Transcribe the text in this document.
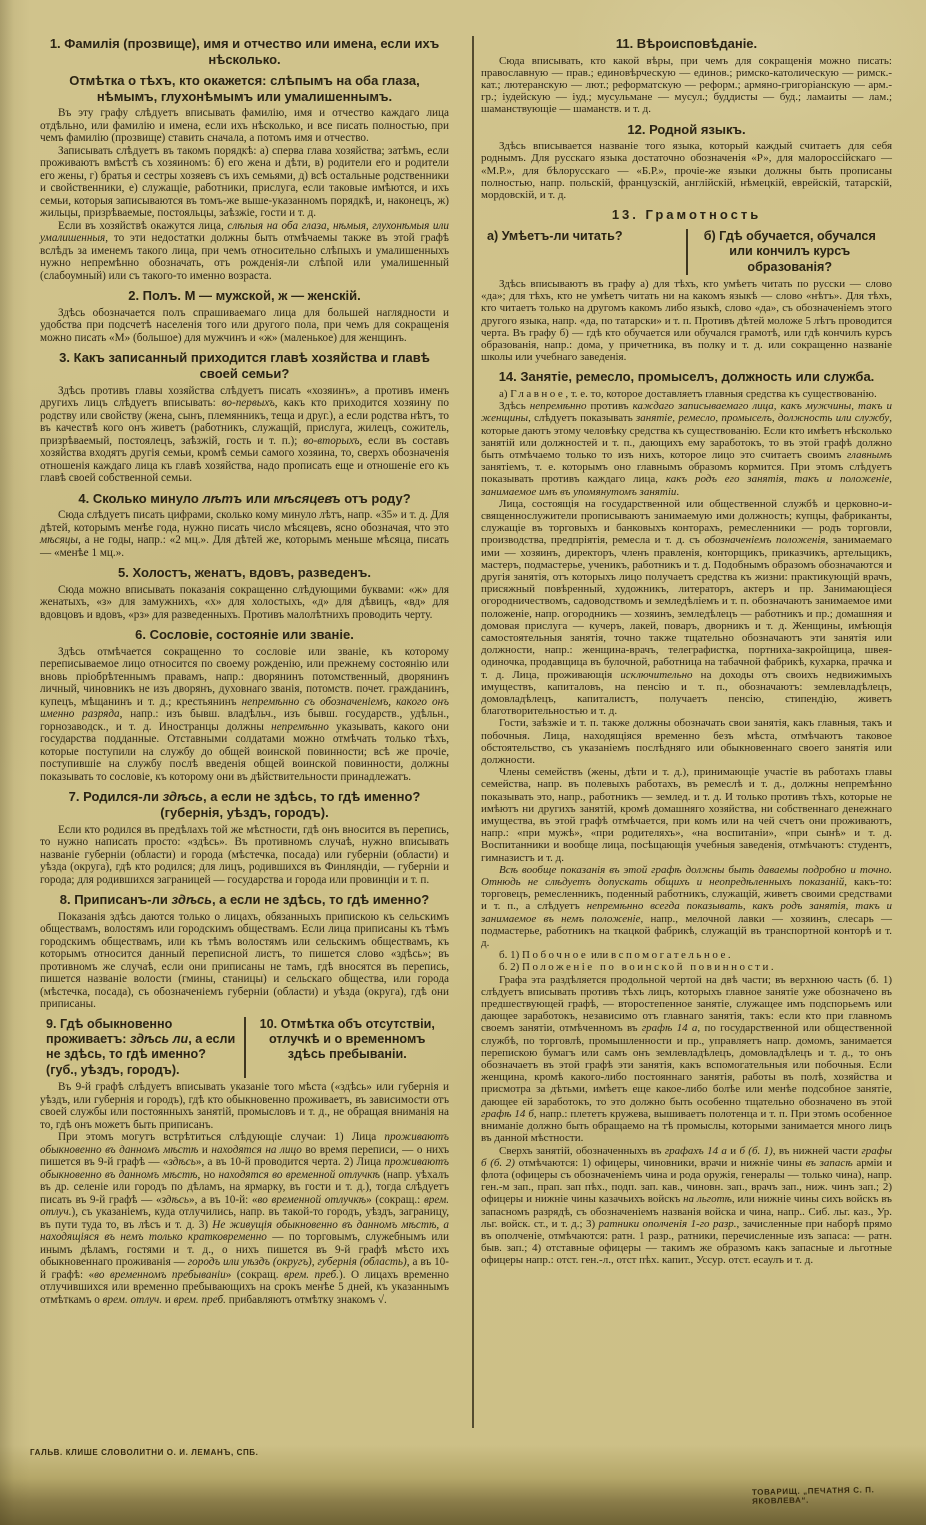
1. Фамилія (прозвище), имя и отчество или имена, если ихъ нѣсколько.
Отмѣтка о тѣхъ, кто окажется: слѣпымъ на оба глаза, нѣмымъ, глухонѣмымъ или умалишеннымъ.
Въ эту графу слѣдуетъ вписывать фамилію, имя и отчество каждаго лица отдѣльно, или фамилію и имена, если ихъ нѣсколько, и все писать полностью, при чемъ фамилію (прозвище) ставить сначала, а потомъ имя и отчество.
Записывать слѣдуетъ въ такомъ порядкѣ: а) сперва глава хозяйства; затѣмъ, если проживаютъ вмѣстѣ съ хозяиномъ: б) его жена и дѣти, в) родители его и родители его жены, г) братья и сестры хозяевъ съ ихъ семьями, д) всѣ остальные родственники и свойственники, е) служащіе, работники, прислуга, если таковые имѣются, и ихъ семьи, которыя записываются въ томъ-же выше-указанномъ порядкѣ, и, наконецъ, ж) жильцы, призрѣваемые, постояльцы, заѣзжіе, гости и т. д.
Если въ хозяйствѣ окажутся лица, слѣпыя на оба глаза, нѣмыя, глухонѣмыя или умалишенныя, то эти недостатки должны быть отмѣчаемы также въ этой графѣ вслѣдъ за именемъ такого лица, при чемъ относительно слѣпыхъ и умалишенныхъ нужно непремѣнно обозначать, отъ рожденія-ли слѣпой или умалишенный (слабоумный) или съ такого-то именно возраста.
2. Полъ. М — мужской, ж — женскій.
Здѣсь обозначается полъ спрашиваемаго лица для большей наглядности и удобства при подсчетѣ населенія того или другого пола, при чемъ для сокращенія можно писать «М» (большое) для мужчинъ и «ж» (маленькое) для женщинъ.
3. Какъ записанный приходится главѣ хозяйства и главѣ своей семьи?
Здѣсь противъ главы хозяйства слѣдуетъ писать «хозяинъ», а противъ именъ другихъ лицъ слѣдуетъ вписывать: во-первыхъ, какъ кто приходится хозяину по родству или свойству (жена, сынъ, племянникъ, теща и друг.), а если родства нѣтъ, то въ качествѣ кого онъ живетъ (работникъ, служащій, прислуга, жилецъ, сожитель, призрѣваемый, постоялецъ, заѣзжій, гость и т. п.); во-вторыхъ, если въ составъ хозяйства входятъ другія семьи, кромѣ семьи самого хозяина, то, сверхъ обозначенія отношенія каждаго лица къ главѣ хозяйства, надо прописать еще и отношеніе его къ главѣ своей собственной семьи.
4. Сколько минуло лѣтъ или мѣсяцевъ отъ роду?
Сюда слѣдуетъ писать цифрами, сколько кому минуло лѣтъ, напр. «35» и т. д. Для дѣтей, которымъ менѣе года, нужно писать число мѣсяцевъ, ясно обозначая, что это мѣсяцы, а не годы, напр.: «2 мц.». Для дѣтей же, которымъ меньше мѣсяца, писать — «менѣе 1 мц.».
5. Холостъ, женатъ, вдовъ, разведенъ.
Сюда можно вписывать показанія сокращенно слѣдующими буквами: «ж» для женатыхъ, «з» для замужнихъ, «х» для холостыхъ, «д» для дѣвицъ, «вд» для вдовцовъ и вдовъ, «рз» для разведенныхъ. Противъ малолѣтнихъ проводить черту.
6. Сословіе, состояніе или званіе.
Здѣсь отмѣчается сокращенно то сословіе или званіе, къ которому переписываемое лицо относится по своему рожденію, или прежнему состоянію или вновь пріобрѣтеннымъ правамъ, напр.: дворянинъ потомственный, дворянинъ личный, чиновникъ не изъ дворянъ, духовнаго званія, потомств. почет. гражданинъ, купецъ, мѣщанинъ и т. д.; крестьянинъ непремѣнно съ обозначеніемъ, какого онъ именно разряда, напр.: изъ бывш. владѣльч., изъ бывш. государств., удѣльн., горнозаводск., и т. д. Иностранцы должны непремѣнно указывать, какого они государства подданные. Отставными солдатами можно отмѣчать только тѣхъ, которые поступили на службу до общей воинской повинности; всѣ же прочіе, поступившіе на службу послѣ введенія общей воинской повинности, должны показывать то сословіе, къ которому они въ дѣйствительности принадлежатъ.
7. Родился-ли здѣсь, а если не здѣсь, то гдѣ именно? (губернія, уѣздъ, городъ).
Если кто родился въ предѣлахъ той же мѣстности, гдѣ онъ вносится въ перепись, то нужно написать просто: «здѣсь». Въ противномъ случаѣ, нужно вписывать названіе губерніи (области) и города (мѣстечка, посада) или губерніи (области) и уѣзда (округа), гдѣ кто родился; для лицъ, родившихся въ Финляндіи, — губерніи и города; для родившихся заграницей — государства и города или провинціи и т. п.
8. Приписанъ-ли здѣсь, а если не здѣсь, то гдѣ именно?
Показанія здѣсь даются только о лицахъ, обязанныхъ припискою къ сельскимъ обществамъ, волостямъ или городскимъ обществамъ. Если лица приписаны къ тѣмъ городскимъ обществамъ, или къ тѣмъ волостямъ или сельскимъ обществамъ, къ которымъ относится данный переписной листъ, то пишется слово «здѣсь»; въ противномъ же случаѣ, если они приписаны не тамъ, гдѣ вносятся въ перепись, пишется названіе волости (гмины, станицы) и сельскаго общества, или города (мѣстечка, посада), съ обозначеніемъ губерніи (области) и уѣзда (округа), гдѣ они приписаны.
9. Гдѣ обыкновенно проживаетъ: здѣсь ли, а если не здѣсь, то гдѣ именно? (губ., уѣздъ, городъ).
10. Отмѣтка объ отсутствіи, отлучкѣ и о временномъ здѣсь пребываніи.
Въ 9-й графѣ слѣдуетъ вписывать указаніе того мѣста («здѣсь» или губернія и уѣздъ, или губернія и городъ), гдѣ кто обыкновенно проживаетъ, въ зависимости отъ своей службы или постоянныхъ занятій, промысловъ и т. д., не обращая вниманія на то, гдѣ онъ можетъ быть приписанъ.
При этомъ могутъ встрѣтиться слѣдующіе случаи: 1) Лица проживаютъ обыкновенно въ данномъ мѣстѣ и находятся на лицо во время переписи, — о нихъ пишется въ 9-й графѣ — «здѣсь», а въ 10-й проводится черта. 2) Лица проживаютъ обыкновенно въ данномъ мѣстѣ, но находятся во временной отлучкѣ (напр. уѣхалъ въ др. селеніе или городъ по дѣламъ, на ярмарку, въ гости и т. д.), тогда слѣдуетъ писать въ 9-й графѣ — «здѣсь», а въ 10-й: «во временной отлучкѣ» (сокращ.: врем. отлуч.), съ указаніемъ, куда отлучились, напр. въ такой-то городъ, уѣздъ, заграницу, въ пути туда то, въ лѣсъ и т. д. 3) Не живущія обыкновенно въ данномъ мѣстѣ, а находящіяся въ немъ только кратковременно — по торговымъ, служебнымъ или инымъ дѣламъ, гостями и т. д., о нихъ пишется въ 9-й графѣ мѣсто ихъ обыкновеннаго проживанія — городъ или уѣздъ (округъ), губернія (область), а въ 10-й графѣ: «во временномъ пребываніи» (сокращ. врем. преб.). О лицахъ временно отлучившихся или временно пребывающихъ на срокъ менѣе 5 дней, къ указаннымъ отмѣткамъ о врем. отлуч. и врем. преб. прибавляютъ отмѣтку знакомъ √.
11. Вѣроисповѣданіе.
Сюда вписывать, кто какой вѣры, при чемъ для сокращенія можно писать: православную — прав.; единовѣрческую — единов.; римско-католическую — римск.-кат.; лютеранскую — лют.; реформатскую — реформ.; армяно-григоріанскую — арм.-гр.; іудейскую — іуд.; мусульмане — мусул.; буддисты — буд.; ламаиты — лам.; шаманствующіе — шаманств. и т. д.
12. Родной языкъ.
Здѣсь вписывается названіе того языка, который каждый считаетъ для себя роднымъ. Для русскаго языка достаточно обозначенія «Р», для малороссійскаго — «М.Р.», для бѣлорусскаго — «Б.Р.», прочіе-же языки должны быть прописаны полностью, напр. польскій, французскій, англійскій, нѣмецкій, еврейскій, татарскій, мордовскій, и т. д.
13. Грамотность
а) Умѣетъ-ли читать?	б) Гдѣ обучается, обучался или кончилъ курсъ образованія?
Здѣсь вписываютъ въ графу а) для тѣхъ, кто умѣетъ читать по русски — слово «да»; для тѣхъ, кто не умѣетъ читать ни на какомъ языкѣ — слово «нѣтъ». Для тѣхъ, кто читаетъ только на другомъ какомъ либо языкѣ, слово «да», съ обозначеніемъ этого другого языка, напр. «да, по татарски» и т. п. Противъ дѣтей моложе 5 лѣтъ проводится черта. Въ графу б) — гдѣ кто обучается или обучался грамотѣ, или гдѣ кончилъ курсъ образованія, напр.: дома, у причетника, въ полку и т. д. или сокращенно названіе школы или учебнаго заведенія.
14. Занятіе, ремесло, промыселъ, должность или служба.
а) Главное, т. е. то, которое доставляетъ главныя средства къ существованію.
Здѣсь непремѣнно противъ каждаго записываемаго лица, какъ мужчины, такъ и женщины, слѣдуетъ показывать занятіе, ремесло, промыселъ, должность или службу, которые даютъ этому человѣку средства къ существованію. Если кто имѣетъ нѣсколько занятій или должностей и т. п., дающихъ ему заработокъ, то въ этой графѣ должно быть отмѣчаемо только то изъ нихъ, которое лицо это считаетъ своимъ главнымъ занятіемъ, т. е. которымъ оно главнымъ образомъ кормится. При этомъ слѣдуетъ показывать противъ каждаго лица, какъ родъ его занятія, такъ и положеніе, занимаемое имъ въ упомянутомъ занятіи.
Лица, состоящія на государственной или общественной службѣ и церковно-и-священнослужители прописываютъ занимаемую ими должность; купцы, фабриканты, служащіе въ торговыхъ и банковыхъ конторахъ, ремесленники — родъ торговли, производства, предпріятія, ремесла и т. д. съ обозначеніемъ положенія, занимаемаго ими — хозяинъ, директоръ, членъ правленія, конторщикъ, приказчикъ, артельщикъ, мастеръ, подмастерье, ученикъ, работникъ и т. д. Подобнымъ образомъ обозначаются и другія занятія, отъ которыхъ лицо получаетъ средства къ жизни: практикующій врачъ, присяжный повѣренный, художникъ, литераторъ, актеръ и пр. Занимающіеся огородничествомъ, садоводствомъ и земледѣліемъ и т. п. обозначаютъ занимаемое ими положеніе, напр. огородникъ — хозяинъ, земледѣлецъ — работникъ и пр.; домашняя и домовая прислуга — кучеръ, лакей, поваръ, дворникъ и т. д. Женщины, имѣющія самостоятельныя занятія, точно также тщательно обозначаютъ эти занятія или должности, напр.: женщина-врачъ, телеграфистка, портниха-закройщица, швея-одиночка, продавщица въ булочной, работница на табачной фабрикѣ, кухарка, прачка и т. д. Лица, проживающія исключительно на доходы отъ своихъ недвижимыхъ имуществъ, капиталовъ, на пенсію и т. п., обозначаютъ: землевладѣлецъ, домовладѣлецъ, капиталистъ, получаетъ пенсію, стипендію, живетъ благотворительностью и т. д.
Гости, заѣзжіе и т. п. также должны обозначать свои занятія, какъ главныя, такъ и побочныя. Лица, находящіяся временно безъ мѣста, отмѣчаютъ таковое обстоятельство, съ указаніемъ послѣдняго или обыкновеннаго своего занятія или должности.
Члены семействъ (жены, дѣти и т. д.), принимающіе участіе въ работахъ главы семейства, напр. въ полевыхъ работахъ, въ ремеслѣ и т. д., должны непремѣнно показывать это, напр., работникъ — землед. и т. д. И только противъ тѣхъ, которые не имѣютъ ни другихъ занятій, кромѣ домашняго хозяйства, ни собственнаго денежнаго имущества, въ этой графѣ отмѣчается, при комъ или на чей счетъ они проживаютъ, напр.: «при мужѣ», «при родителяхъ», «на воспитаніи», «при сынѣ» и т. д. Воспитанники и вообще лица, посѣщающія учебныя заведенія, отмѣчаютъ: студентъ, гимназистъ и т. д.
Всѣ вообще показанія въ этой графѣ должны быть даваемы подробно и точно. Отнюдь не слѣдуетъ допускать общихъ и неопредѣленныхъ показаній, какъ-то: торговецъ, ремесленникъ, поденный работникъ, служащій, живетъ своими средствами и т. п., а слѣдуетъ непремѣнно всегда показывать, какъ родъ занятія, такъ и занимаемое въ немъ положеніе, напр., мелочной лавки — хозяинъ, слесарь — подмастерье, работникъ на ткацкой фабрикѣ, служащій въ транспортной конторѣ и т. д.
б. 1) Побочное или вспомогательное.
б. 2) Положеніе по воинской повинности.
Графа эта раздѣляется продольной чертой на двѣ части; въ верхнюю часть (б. 1) слѣдуетъ вписывать противъ тѣхъ лицъ, которыхъ главное занятіе уже обозначено въ предшествующей графѣ, — второстепенное занятіе, служащее имъ подспорьемъ или дающее заработокъ, независимо отъ главнаго занятія, такъ: если кто при главномъ своемъ занятіи, отмѣченномъ въ графѣ 14 а, по государственной или общественной службѣ, по торговлѣ, промышленности и пр., управляетъ напр. домомъ, занимается перепискою бумагъ или самъ онъ землевладѣлецъ, домовладѣлецъ и т. д., то онъ обозначаетъ въ этой графѣ эти занятія, какъ вспомогательныя или побочныя. Если женщина, кромѣ какого-либо постояннаго занятія, работы въ полѣ, хозяйства и присмотра за дѣтьми, имѣетъ еще какое-либо болѣе или менѣе подсобное занятіе, дающее ей заработокъ, то это должно быть особенно тщательно обозначено въ этой графѣ 14 б, напр.: плететъ кружева, вышиваетъ полотенца и т. п. При этомъ особенное вниманіе должно быть обращаемо на тѣ промыслы, которыми занимается много лицъ въ данной мѣстности.
Сверхъ занятій, обозначенныхъ въ графахъ 14 а и б (б. 1), въ нижней части графы б (б. 2) отмѣчаются: 1) офицеры, чиновники, врачи и нижніе чины въ запасѣ арміи и флота (офицеры съ обозначеніемъ чина и рода оружія, генералы — только чина), напр. ген.-м зап., прап. зап пѣх., подп. зап. кав., чиновн. зап., врачъ зап., ниж. чинъ зап.; 2) офицеры и нижніе чины казачьихъ войскъ на льготѣ, или нижніе чины сихъ войскъ въ запасномъ разрядѣ, съ обозначеніемъ названія войска и чина, напр.. Сиб. льг. каз., Ур. льг. войск. ст., и т. д.; 3) ратники ополченія 1-го разр., зачисленные при наборѣ прямо въ ополченіе, отмѣчаются: ратн. 1 разр., ратники, перечисленные изъ запаса: — ратн. быв. зап.; 4) отставные офицеры — такимъ же образомъ какъ запасные и льготные офицеры напр.: отст. ген.-л., отст пѣх. капит., Уссур. отст. есаулъ и т. д.
ГАЛЬВ. КЛИШЕ СЛОВОЛИТНИ О. И. ЛЕМАНЪ, СПБ.
ТОВАРИЩ. „ПЕЧАТНЯ С. П. ЯКОВЛЕВА“.
